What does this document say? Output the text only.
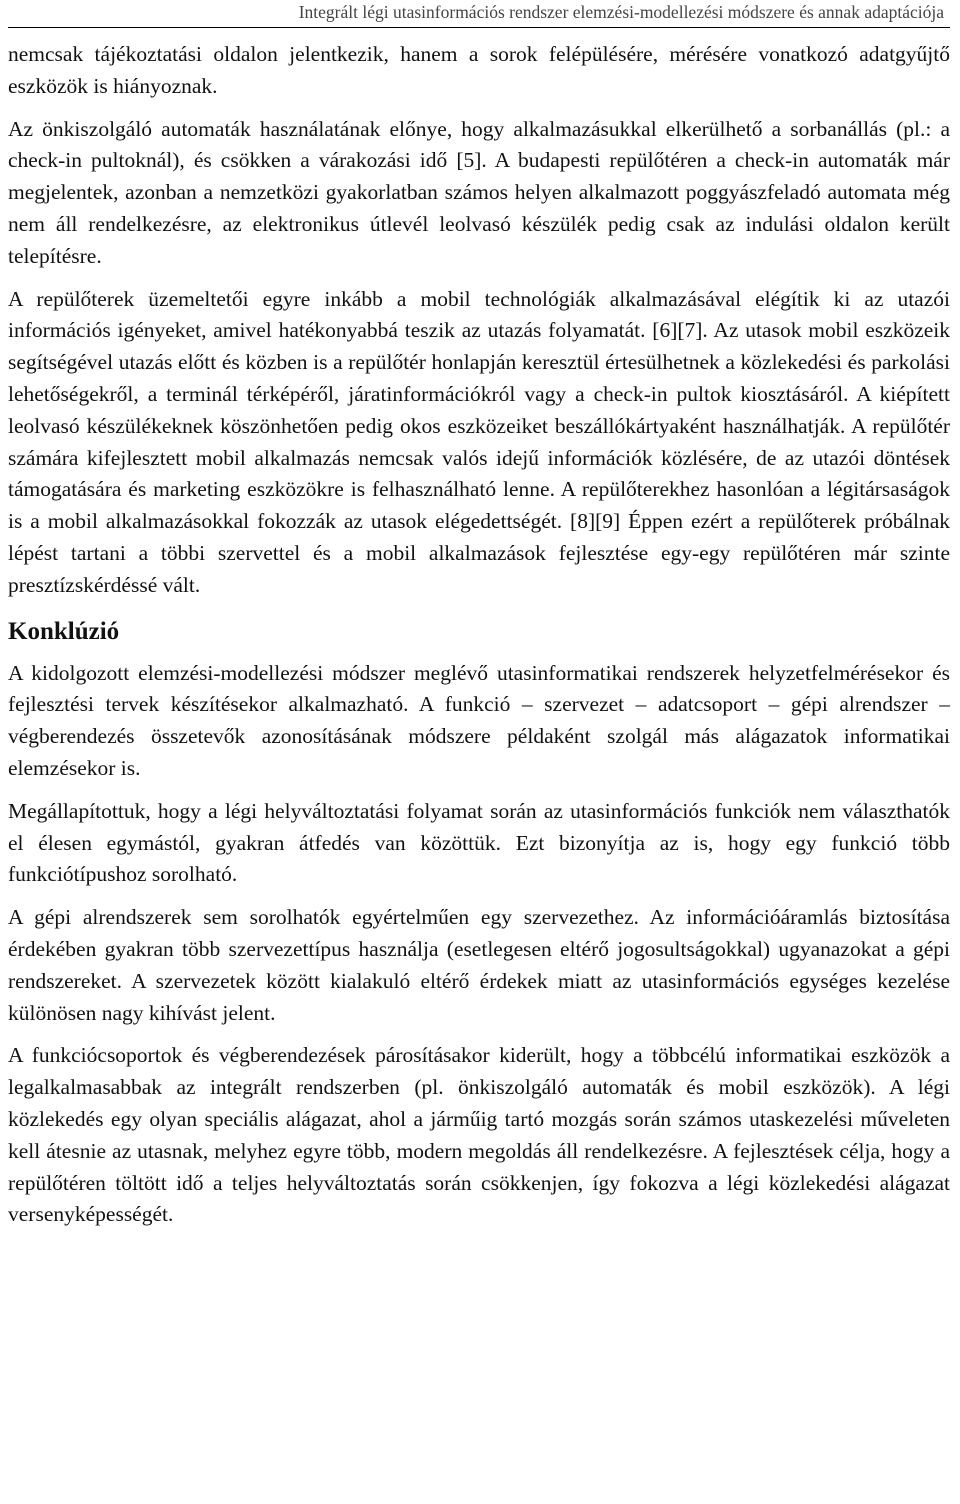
Integrált légi utasinformációs rendszer elemzési-modellezési módszere és annak adaptációja

nemcsak tájékoztatási oldalon jelentkezik, hanem a sorok felépülésére, mérésére vonatkozó adatgyűjtő eszközök is hiányoznak.

Az önkiszolgáló automaták használatának előnye, hogy alkalmazásukkal elkerülhető a sorbanállás (pl.: a check-in pultoknál), és csökken a várakozási idő [5]. A budapesti repülőtéren a check-in automaták már megjelentek, azonban a nemzetközi gyakorlatban számos helyen alkalmazott poggyászfeladó automata még nem áll rendelkezésre, az elektronikus útlevél leolvasó készülék pedig csak az indulási oldalon került telepítésre.

A repülőterek üzemeltetői egyre inkább a mobil technológiák alkalmazásával elégítik ki az utazói információs igényeket, amivel hatékonyabbá teszik az utazás folyamatát. [6][7]. Az utasok mobil eszközeik segítségével utazás előtt és közben is a repülőtér honlapján keresztül értesülhetnek a közlekedési és parkolási lehetőségekről, a terminál térképéről, járatinformációkról vagy a check-in pultok kiosztásáról. A kiépített leolvasó készülékeknek köszönhetően pedig okos eszközeiket beszállókártyaként használhatják. A repülőtér számára kifejlesztett mobil alkalmazás nemcsak valós idejű információk közlésére, de az utazói döntések támogatására és marketing eszközökre is felhasználható lenne. A repülőterekhez hasonlóan a légitársaságok is a mobil alkalmazásokkal fokozzák az utasok elégedettségét. [8][9] Éppen ezért a repülőterek próbálnak lépést tartani a többi szervettel és a mobil alkalmazások fejlesztése egy-egy repülőtéren már szinte presztízskérdéssé vált.

Konklúzió

A kidolgozott elemzési-modellezési módszer meglévő utasinformatikai rendszerek helyzetfelmérésekor és fejlesztési tervek készítésekor alkalmazható. A funkció – szervezet – adatcsoport – gépi alrendszer – végberendezés összetevők azonosításának módszere példaként szolgál más alágazatok informatikai elemzésekor is.

Megállapítottuk, hogy a légi helyváltoztatási folyamat során az utasinformációs funkciók nem választhatók el élesen egymástól, gyakran átfedés van közöttük. Ezt bizonyítja az is, hogy egy funkció több funkciótípushoz sorolható.

A gépi alrendszerek sem sorolhatók egyértelműen egy szervezethez. Az információáramlás biztosítása érdekében gyakran több szervezettípus használja (esetlegesen eltérő jogosultságokkal) ugyanazokat a gépi rendszereket. A szervezetek között kialakuló eltérő érdekek miatt az utasinformációs egységes kezelése különösen nagy kihívást jelent.

A funkciócsoportok és végberendezések párosításakor kiderült, hogy a többcélú informatikai eszközök a legalkalmasabbak az integrált rendszerben (pl. önkiszolgáló automaták és mobil eszközök). A légi közlekedés egy olyan speciális alágazat, ahol a járműig tartó mozgás során számos utaskezelési műveleten kell átesnie az utasnak, melyhez egyre több, modern megoldás áll rendelkezésre. A fejlesztések célja, hogy a repülőtéren töltött idő a teljes helyváltoztatás során csökkenjen, így fokozva a légi közlekedési alágazat versenyképességét.
